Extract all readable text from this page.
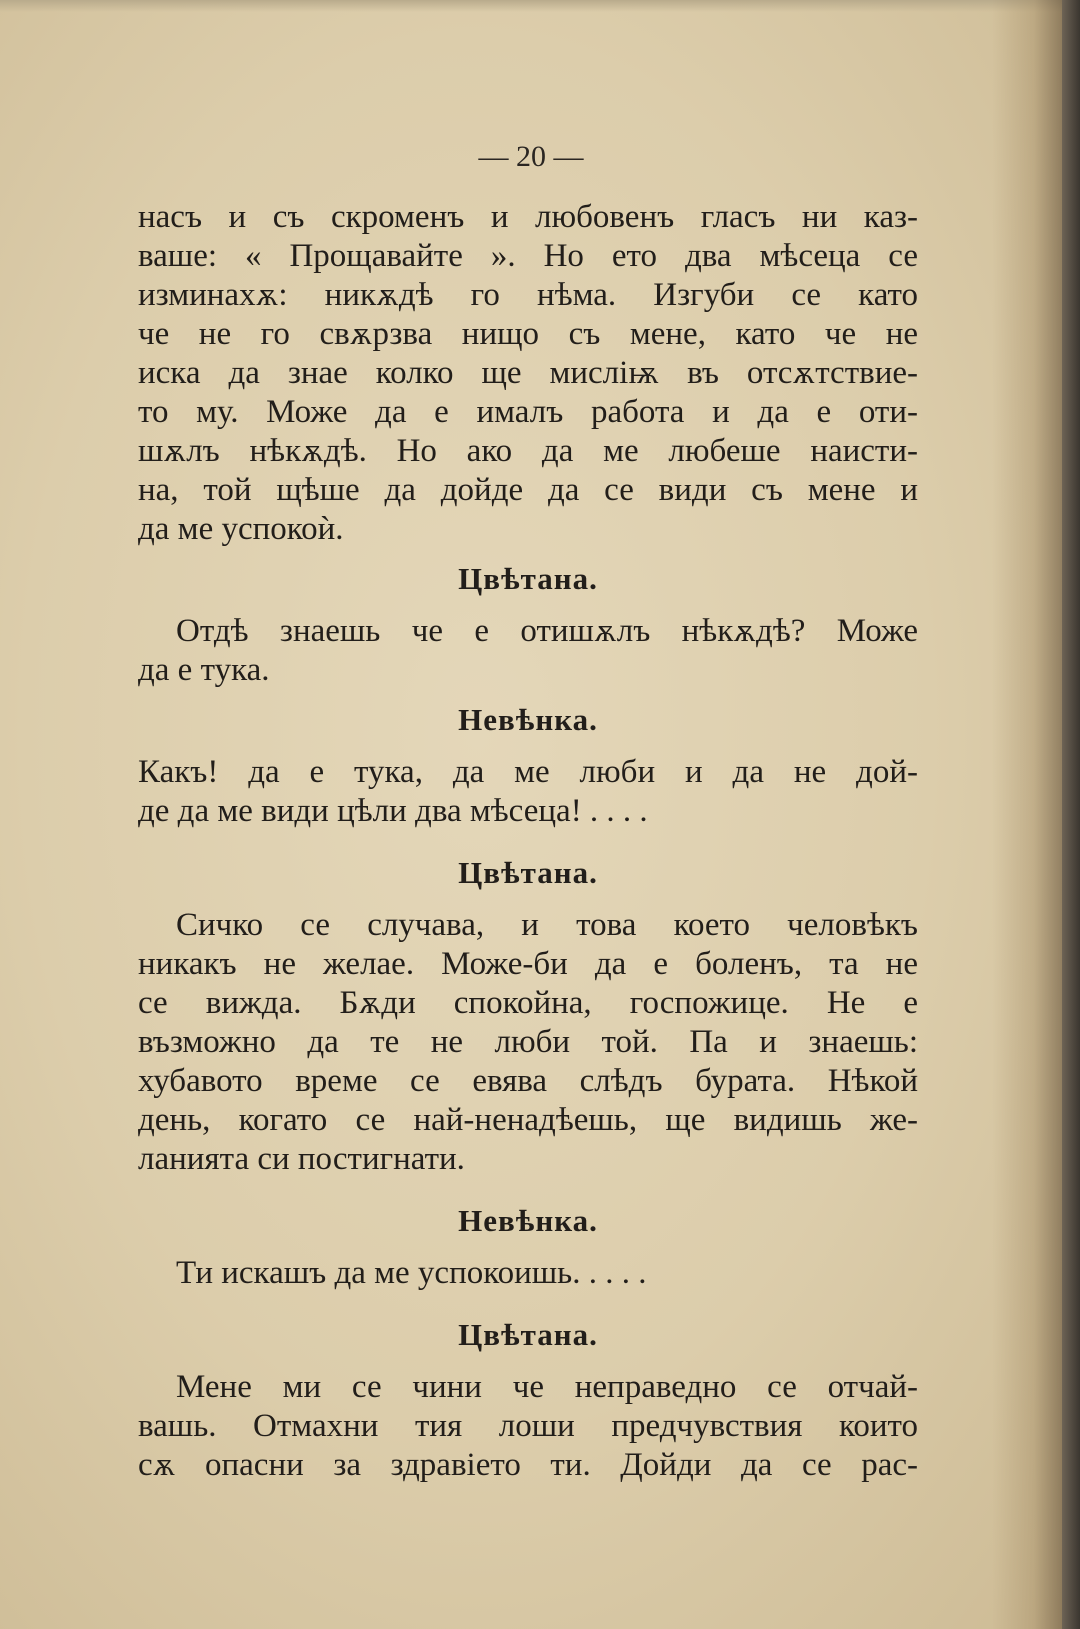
— 20 —
насъ и съ скроменъ и любовенъ гласъ ни каз-
ваше: « Прощавайте ». Но ето два мѣсеца се
изминахѫ: никѫдѣ го нѣма. Изгуби се като
че не го свѫрзва нищо съ мене, като че не
иска да знае колко ще мислiѭ въ отсѫтствие-
то му. Може да е ималъ работа и да е оти-
шѫлъ нѣкѫдѣ. Но ако да ме любеше наисти-
на, той щѣше да дойде да се види съ мене и
да ме успокоѝ.
Цвѣтана.
Отдѣ знаешь че е отишѫлъ нѣкѫдѣ? Може
да е тука.
Невѣнка.
Какъ! да е тука, да ме люби и да не дой-
де да ме види цѣли два мѣсеца! . . . .
Цвѣтана.
Сичко се случава, и това което человѣкъ
никакъ не желае. Може-би да е боленъ, та не
се вижда. Бѫди спокойна, госпожице. Не е
възможно да те не люби той. Па и знаешь:
хубавото време се евява слѣдъ бурата. Нѣкой
день, когато се най-ненадѣешь, ще видишь же-
ланията си постигнати.
Невѣнка.
Ти искашъ да ме успокоишь. . . . .
Цвѣтана.
Мене ми се чини че неправедно се отчай-
вашь. Отмахни тия лоши предчувствия които
сѫ опасни за здравiето ти. Дойди да се рас-
